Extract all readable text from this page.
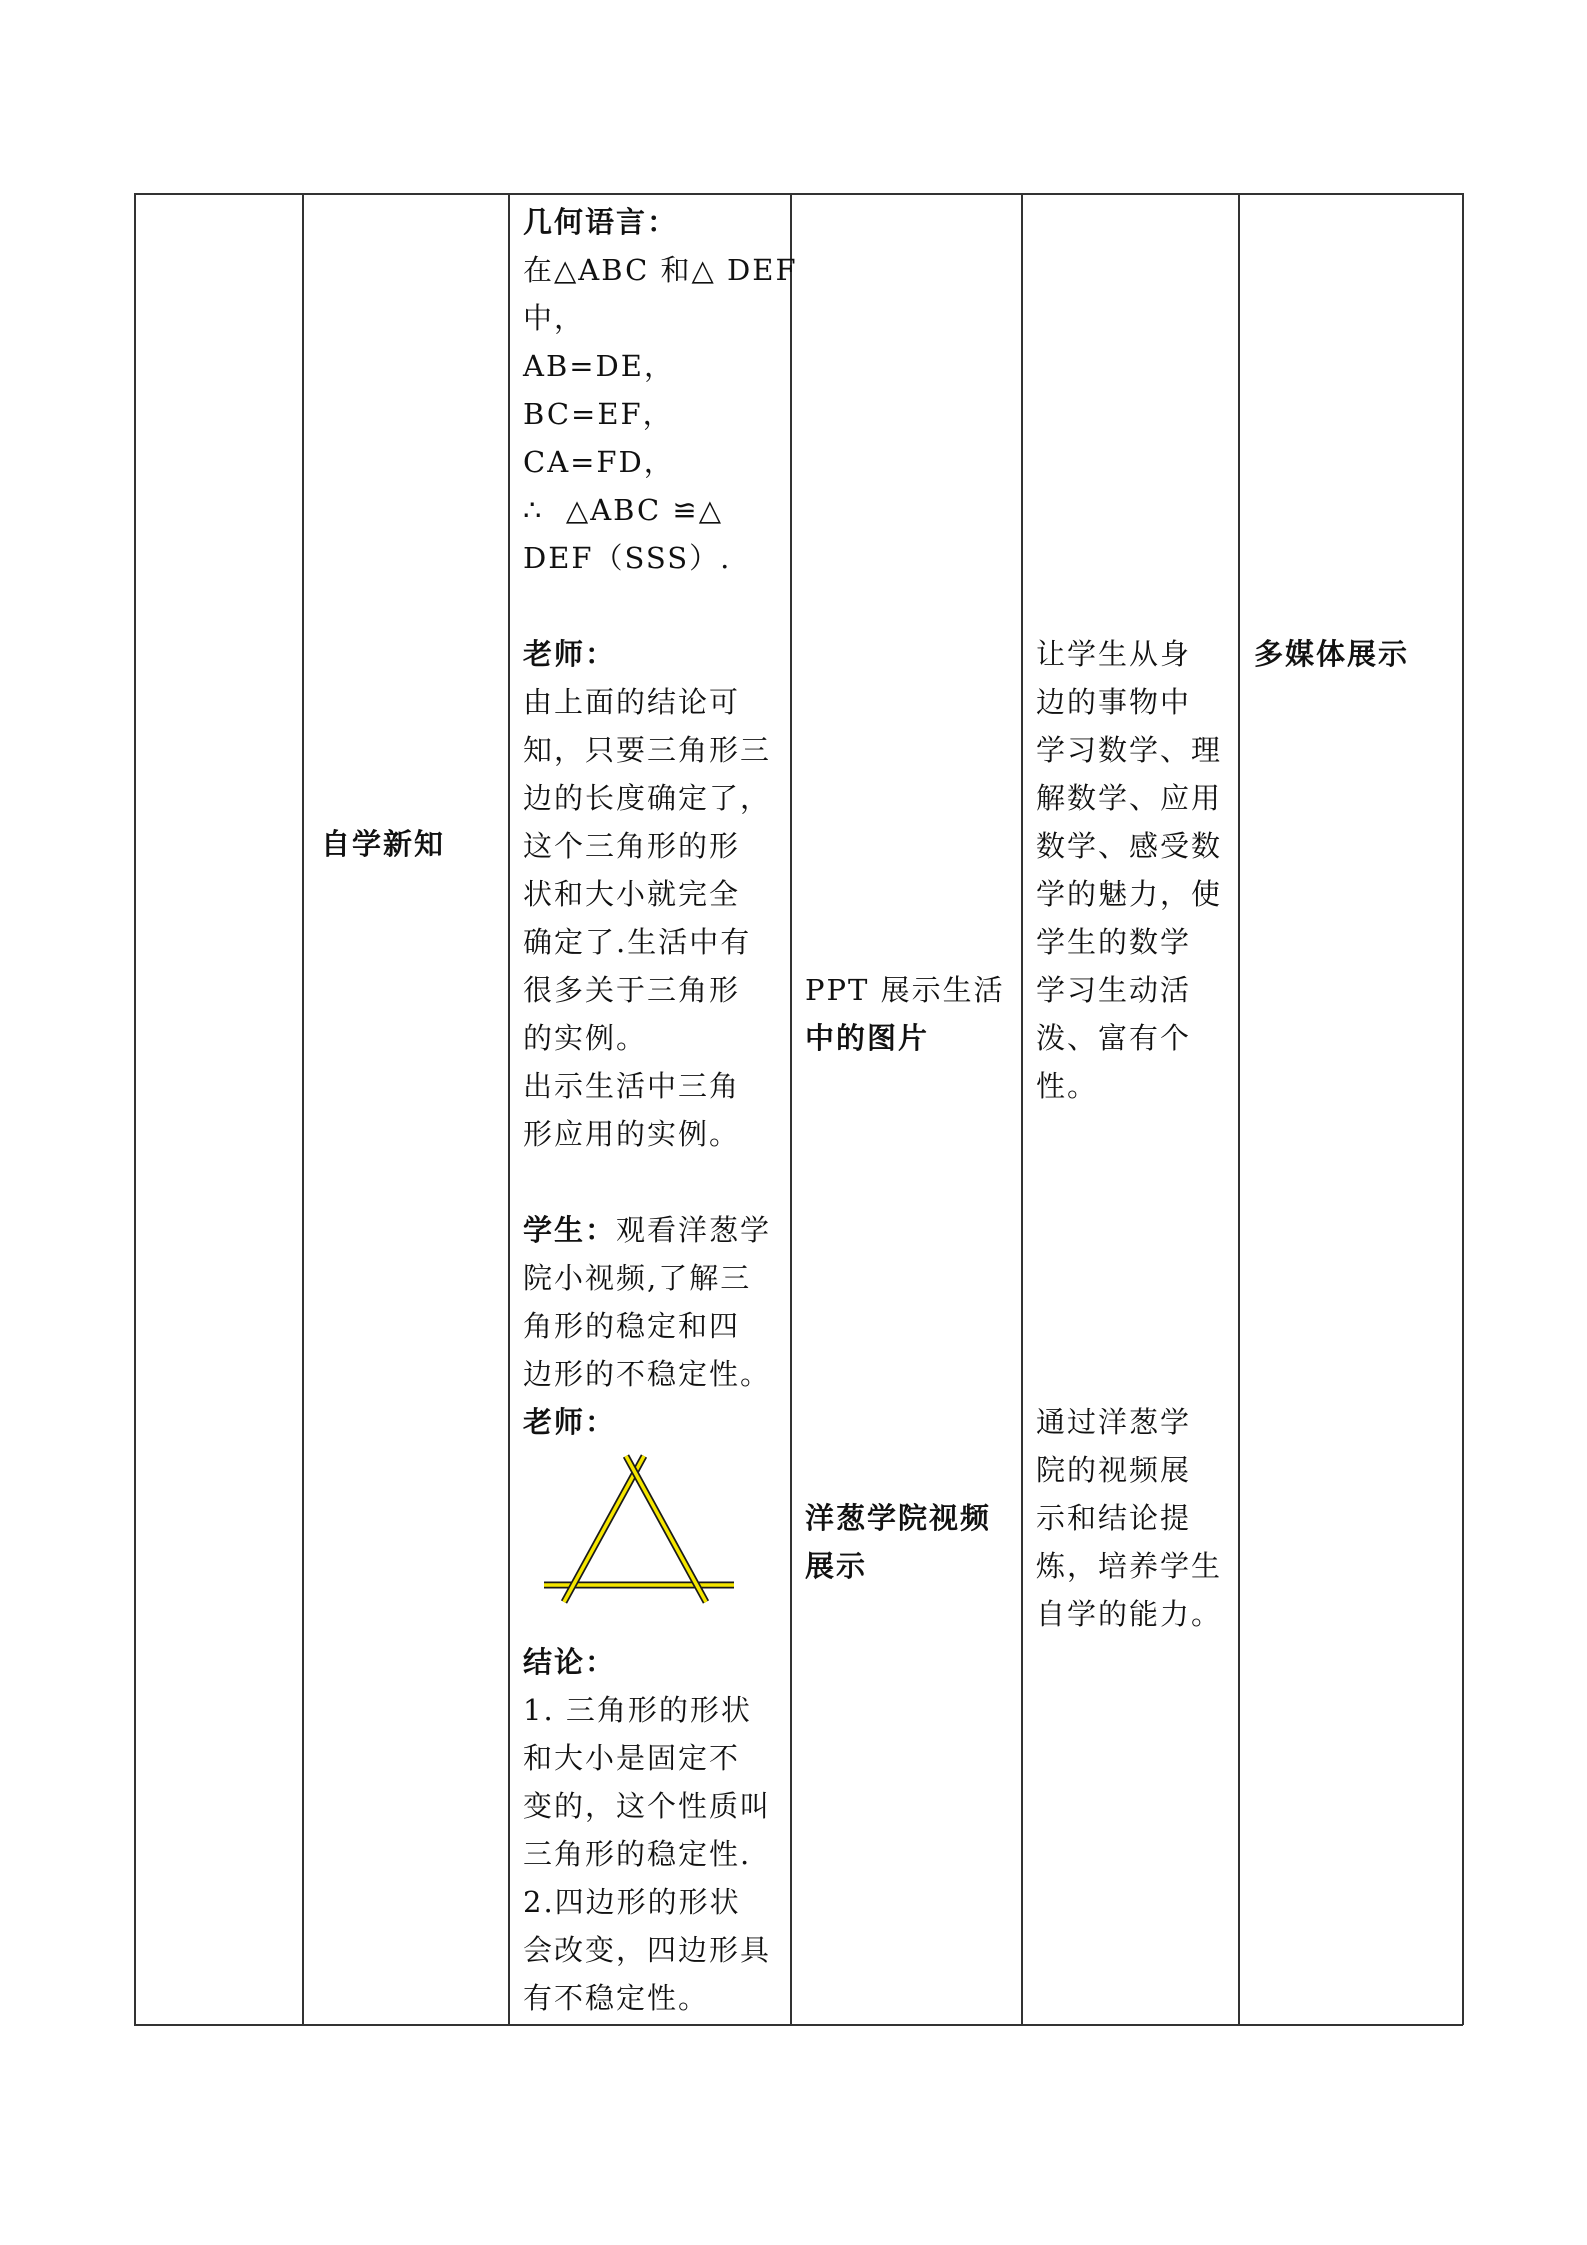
自学新知
几何语言：
在△ABC 和△ DEF
中，
AB=DE，
BC=EF，
CA=FD，
∴  △ABC ≌△
DEF（SSS）.
老师：
由上面的结论可
知，只要三角形三
边的长度确定了，
这个三角形的形
状和大小就完全
确定了.生活中有
很多关于三角形
的实例。
出示生活中三角
形应用的实例。
学生：观看洋葱学
院小视频,了解三
角形的稳定和四
边形的不稳定性。
老师：
结论：
1. 三角形的形状
和大小是固定不
变的，这个性质叫
三角形的稳定性.
2.四边形的形状
会改变，四边形具
有不稳定性。
PPT 展示生活
中的图片
洋葱学院视频
展示
让学生从身
边的事物中
学习数学、理
解数学、应用
数学、感受数
学的魅力，使
学生的数学
学习生动活
泼、富有个
性。
通过洋葱学
院的视频展
示和结论提
炼，培养学生
自学的能力。
多媒体展示
